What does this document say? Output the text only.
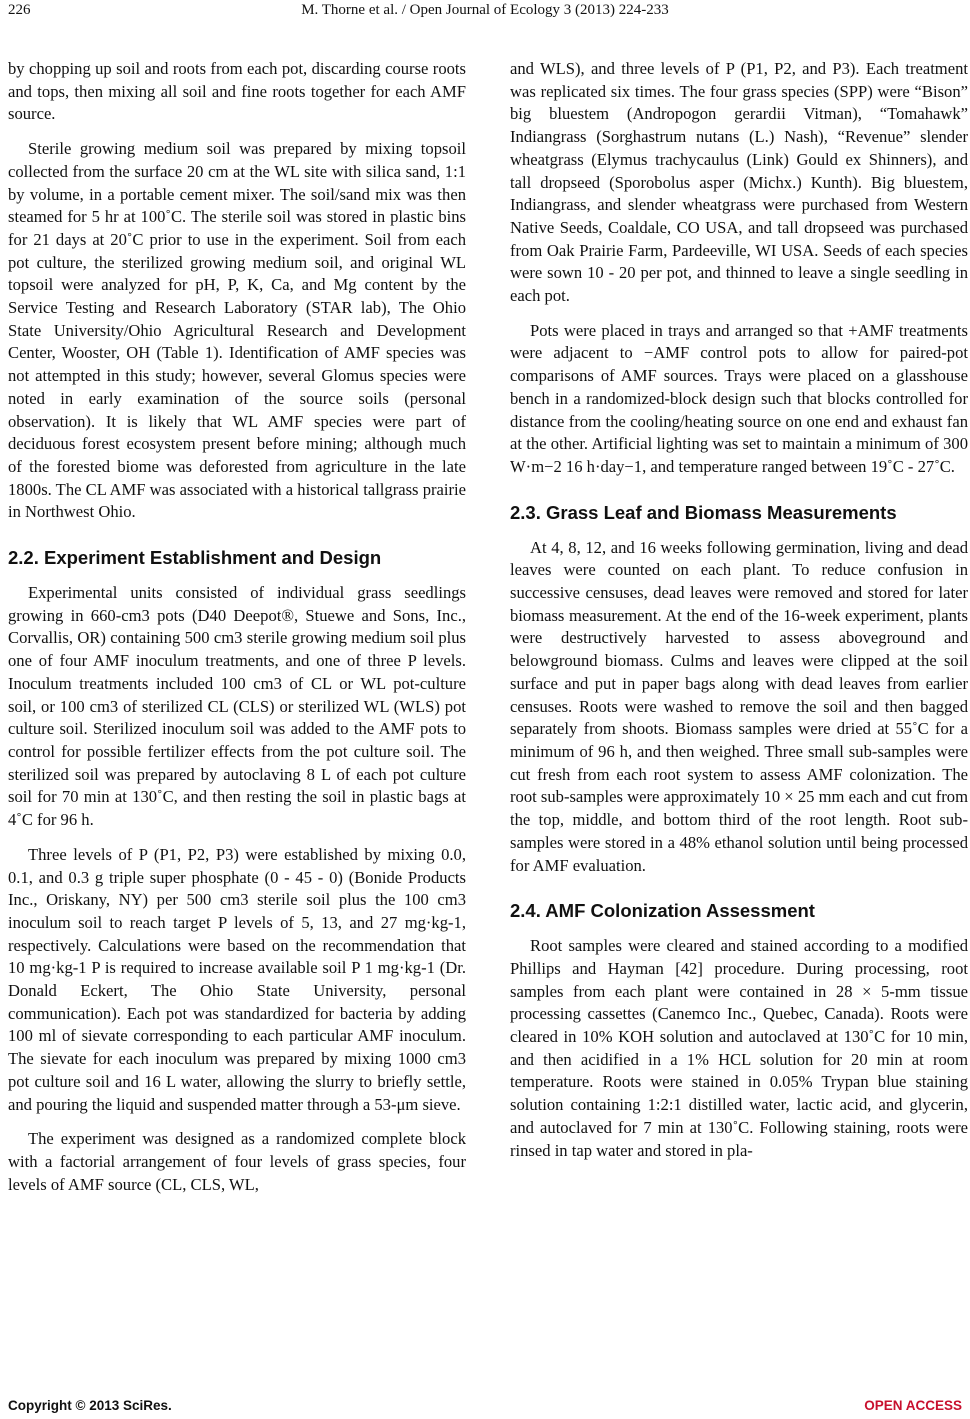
226	M. Thorne et al. / Open Journal of Ecology 3 (2013) 224-233

by chopping up soil and roots from each pot, discarding course roots and tops, then mixing all soil and fine roots together for each AMF source.

Sterile growing medium soil was prepared by mixing topsoil collected from the surface 20 cm at the WL site with silica sand, 1:1 by volume, in a portable cement mixer. The soil/sand mix was then steamed for 5 hr at 100˚C. The sterile soil was stored in plastic bins for 21 days at 20˚C prior to use in the experiment. Soil from each pot culture, the sterilized growing medium soil, and original WL topsoil were analyzed for pH, P, K, Ca, and Mg content by the Service Testing and Research Laboratory (STAR lab), The Ohio State University/Ohio Agricultural Research and Development Center, Wooster, OH (Table 1). Identification of AMF species was not attempted in this study; however, several Glomus species were noted in early examination of the source soils (personal observation). It is likely that WL AMF species were part of deciduous forest ecosystem present before mining; although much of the forested biome was deforested from agriculture in the late 1800s. The CL AMF was associated with a historical tallgrass prairie in Northwest Ohio.

2.2. Experiment Establishment and Design

Experimental units consisted of individual grass seedlings growing in 660-cm3 pots (D40 Deepot®, Stuewe and Sons, Inc., Corvallis, OR) containing 500 cm3 sterile growing medium soil plus one of four AMF inoculum treatments, and one of three P levels. Inoculum treatments included 100 cm3 of CL or WL pot-culture soil, or 100 cm3 of sterilized CL (CLS) or sterilized WL (WLS) pot culture soil. Sterilized inoculum soil was added to the AMF pots to control for possible fertilizer effects from the pot culture soil. The sterilized soil was prepared by autoclaving 8 L of each pot culture soil for 70 min at 130˚C, and then resting the soil in plastic bags at 4˚C for 96 h.

Three levels of P (P1, P2, P3) were established by mixing 0.0, 0.1, and 0.3 g triple super phosphate (0 - 45 - 0) (Bonide Products Inc., Oriskany, NY) per 500 cm3 sterile soil plus the 100 cm3 inoculum soil to reach target P levels of 5, 13, and 27 mg·kg-1, respectively. Calculations were based on the recommendation that 10 mg·kg-1 P is required to increase available soil P 1 mg·kg-1 (Dr. Donald Eckert, The Ohio State University, personal communication). Each pot was standardized for bacteria by adding 100 ml of sievate corresponding to each particular AMF inoculum. The sievate for each inoculum was prepared by mixing 1000 cm3 pot culture soil and 16 L water, allowing the slurry to briefly settle, and pouring the liquid and suspended matter through a 53-μm sieve.

The experiment was designed as a randomized complete block with a factorial arrangement of four levels of grass species, four levels of AMF source (CL, CLS, WL,

and WLS), and three levels of P (P1, P2, and P3). Each treatment was replicated six times. The four grass species (SPP) were “Bison” big bluestem (Andropogon gerardii Vitman), “Tomahawk” Indiangrass (Sorghastrum nutans (L.) Nash), “Revenue” slender wheatgrass (Elymus trachycaulus (Link) Gould ex Shinners), and tall dropseed (Sporobolus asper (Michx.) Kunth). Big bluestem, Indiangrass, and slender wheatgrass were purchased from Western Native Seeds, Coaldale, CO USA, and tall dropseed was purchased from Oak Prairie Farm, Pardeeville, WI USA. Seeds of each species were sown 10 - 20 per pot, and thinned to leave a single seedling in each pot.

Pots were placed in trays and arranged so that +AMF treatments were adjacent to −AMF control pots to allow for paired-pot comparisons of AMF sources. Trays were placed on a glasshouse bench in a randomized-block design such that blocks controlled for distance from the cooling/heating source on one end and exhaust fan at the other. Artificial lighting was set to maintain a minimum of 300 W·m−2 16 h·day−1, and temperature ranged between 19˚C - 27˚C.

2.3. Grass Leaf and Biomass Measurements

At 4, 8, 12, and 16 weeks following germination, living and dead leaves were counted on each plant. To reduce confusion in successive censuses, dead leaves were removed and stored for later biomass measurement. At the end of the 16-week experiment, plants were destructively harvested to assess aboveground and belowground biomass. Culms and leaves were clipped at the soil surface and put in paper bags along with dead leaves from earlier censuses. Roots were washed to remove the soil and then bagged separately from shoots. Biomass samples were dried at 55˚C for a minimum of 96 h, and then weighed. Three small sub-samples were cut fresh from each root system to assess AMF colonization. The root sub-samples were approximately 10 × 25 mm each and cut from the top, middle, and bottom third of the root length. Root sub-samples were stored in a 48% ethanol solution until being processed for AMF evaluation.

2.4. AMF Colonization Assessment

Root samples were cleared and stained according to a modified Phillips and Hayman [42] procedure. During processing, root samples from each plant were contained in 28 × 5-mm tissue processing cassettes (Canemco Inc., Quebec, Canada). Roots were cleared in 10% KOH solution and autoclaved at 130˚C for 10 min, and then acidified in a 1% HCL solution for 20 min at room temperature. Roots were stained in 0.05% Trypan blue staining solution containing 1:2:1 distilled water, lactic acid, and glycerin, and autoclaved for 7 min at 130˚C. Following staining, roots were rinsed in tap water and stored in pla-

Copyright © 2013 SciRes.	OPEN ACCESS
